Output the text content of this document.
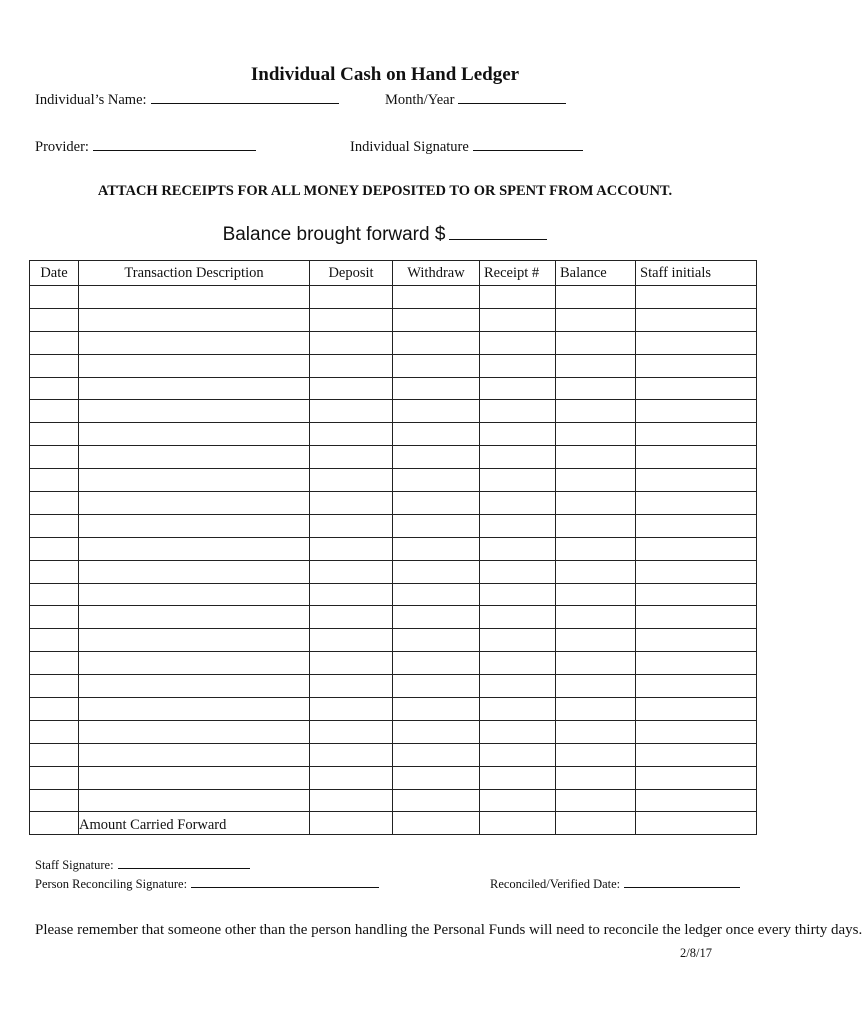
Individual Cash on Hand Ledger
Individual’s Name:	Month/Year
Provider:	Individual Signature
ATTACH RECEIPTS FOR ALL MONEY DEPOSITED TO OR SPENT FROM ACCOUNT.
Balance brought forward $
Date	Transaction Description	Deposit	Withdraw	Receipt #	Balance	Staff initials

	Amount Carried Forward					
Staff Signature:
Person Reconciling Signature:	Reconciled/Verified Date:
Please remember that someone other than the person handling the Personal Funds will need to reconcile the ledger once every thirty days.
2/8/17
